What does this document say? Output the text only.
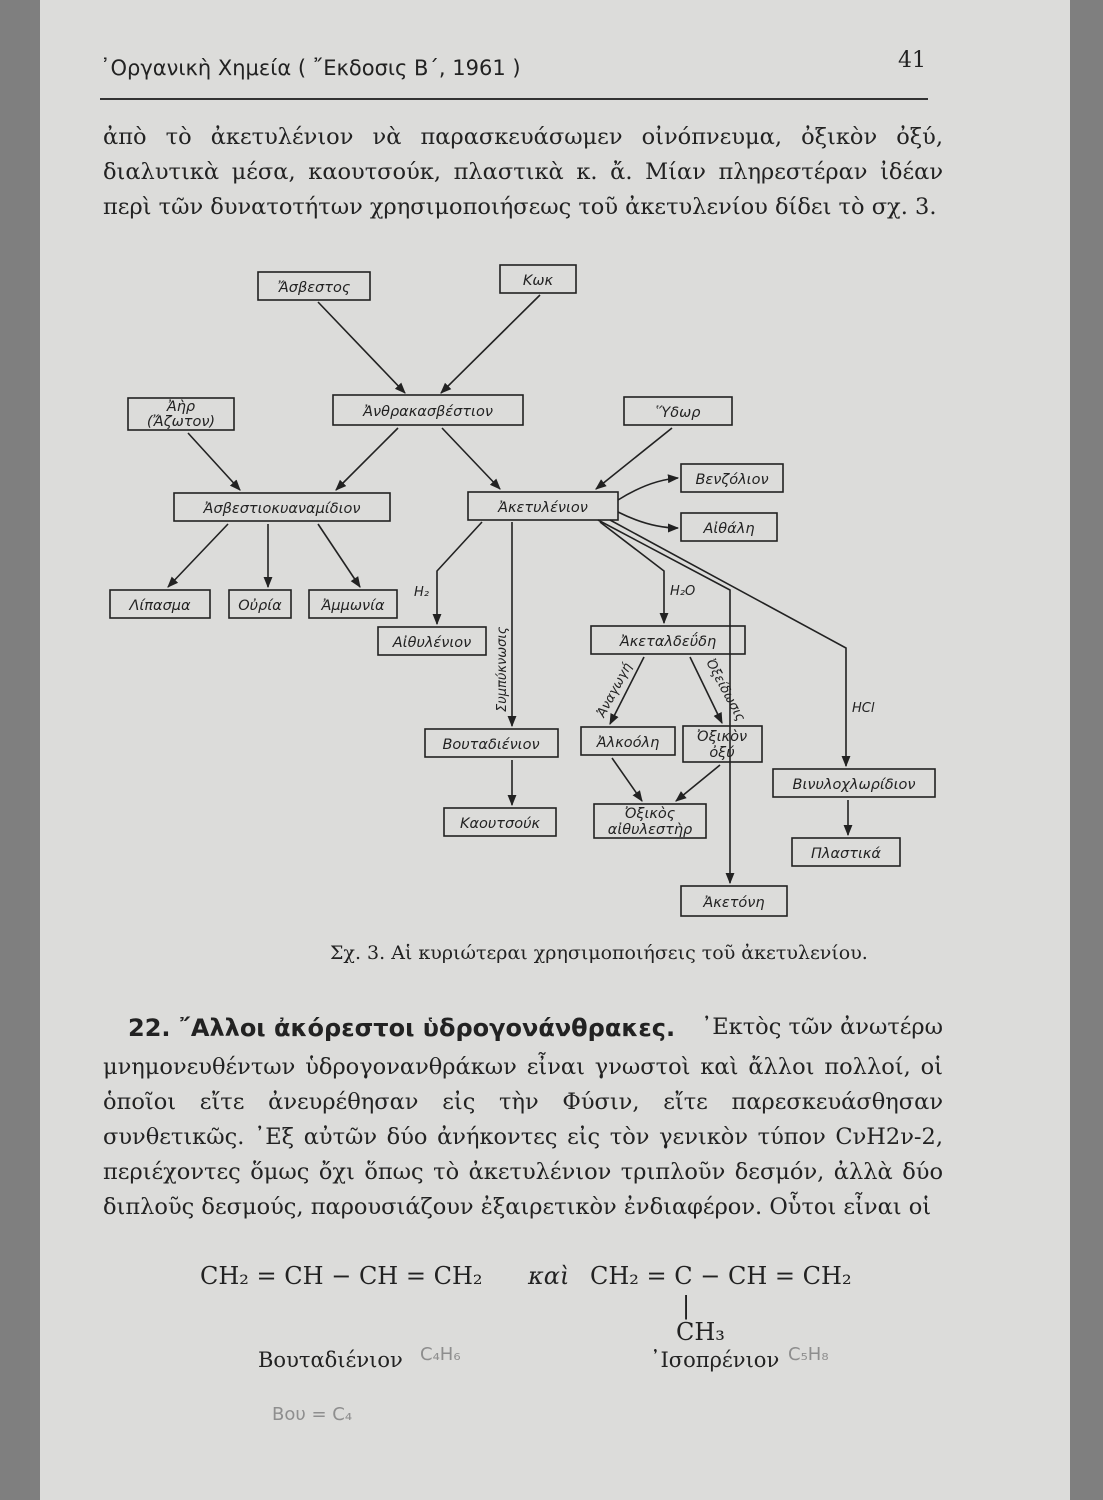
᾽Οργανικὴ Χημεία ( ῎Εκδοσις Β΄, 1961 )	41
ἀπὸ τὸ ἀκετυλένιον νὰ παρασκευάσωμεν οἰνόπνευμα, ὀξικὸν ὀξύ, διαλυτικὰ μέσα, καουτσούκ, πλαστικὰ κ. ἄ. Μίαν πληρεστέραν ἰδέαν περὶ τῶν δυνατοτήτων χρησιμοποιήσεως τοῦ ἀκετυλενίου δίδει τὸ σχ. 3.
Ἄσβεστος	Κωκ
Ἀὴρ
(Ἄζωτον)
Ἀνθρακασβέστιον	Ὕδωρ
Ἀσβεστιοκυαναμίδιον	Ἀκετυλένιον
Βενζόλιον
Αἰθάλη
Λίπασμα	Οὐρία	Ἀμμωνία
Αἰθυλένιον	Ἀκεταλδεΰδη
Βουταδιένιον	Ἀλκοόλη	Ὀξικὸν
ὀξύ
Βινυλοχλωρίδιον
Καουτσούκ
Ὀξικὸς
αἰθυλεστὴρ
Πλαστικά
Ἀκετόνη
H₂	H₂O
HCl
Συμπύκνωσις	Ἀναγωγή	Ὀξείδωσις
Σχ. 3. Αἱ κυριώτεραι χρησιμοποιήσεις τοῦ ἀκετυλενίου.
22. ῎Αλλοι ἀκόρεστοι ὑδρογονάνθρακες. ᾽Εκτὸς τῶν ἀνωτέρω
μνημονευθέντων ὑδρογονανθράκων εἶναι γνωστοὶ καὶ ἄλλοι πολλοί, οἱ ὁποῖοι εἴτε ἀνευρέθησαν εἰς τὴν Φύσιν, εἴτε παρεσκευάσθησαν συνθετικῶς. ᾽Εξ αὐτῶν δύο ἀνήκοντες εἰς τὸν γενικὸν τύπον CνH2ν-2, περιέχοντες ὅμως ὄχι ὅπως τὸ ἀκετυλένιον τριπλοῦν δεσμόν, ἀλλὰ δύο διπλοῦς δεσμούς, παρουσιάζουν ἐξαιρετικὸν ἐνδιαφέρον. Οὗτοι εἶναι οἱ
CH₂ = CH − CH = CH₂ καὶ CH₂ = C − CH = CH₂
|
CH₃
Βουταδιένιον	᾽Ισοπρένιον
C₄H₆	C₅H₈
Bου = C₄
